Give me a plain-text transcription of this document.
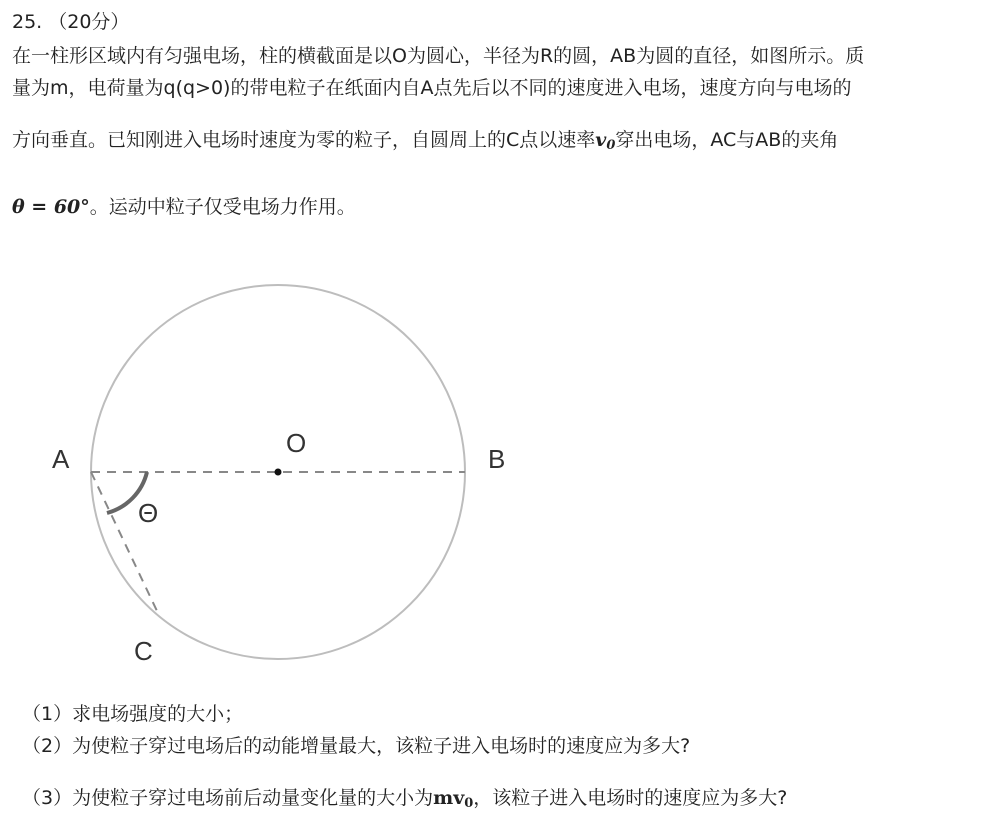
25. （20分）
在一柱形区域内有匀强电场，柱的横截面是以O为圆心，半径为R的圆，AB为圆的直径，如图所示。质
量为m，电荷量为q(q>0)的带电粒子在纸面内自A点先后以不同的速度进入电场，速度方向与电场的
方向垂直。已知刚进入电场时速度为零的粒子，自圆周上的C点以速率$v_0$穿出电场，AC与AB的夹角
θ = 60°。运动中粒子仅受电场力作用。
A	B
O
C
Θ
（1）求电场强度的大小；
（2）为使粒子穿过电场后的动能增量最大，该粒子进入电场时的速度应为多大?
（3）为使粒子穿过电场前后动量变化量的大小为$mv_0$，该粒子进入电场时的速度应为多大?
